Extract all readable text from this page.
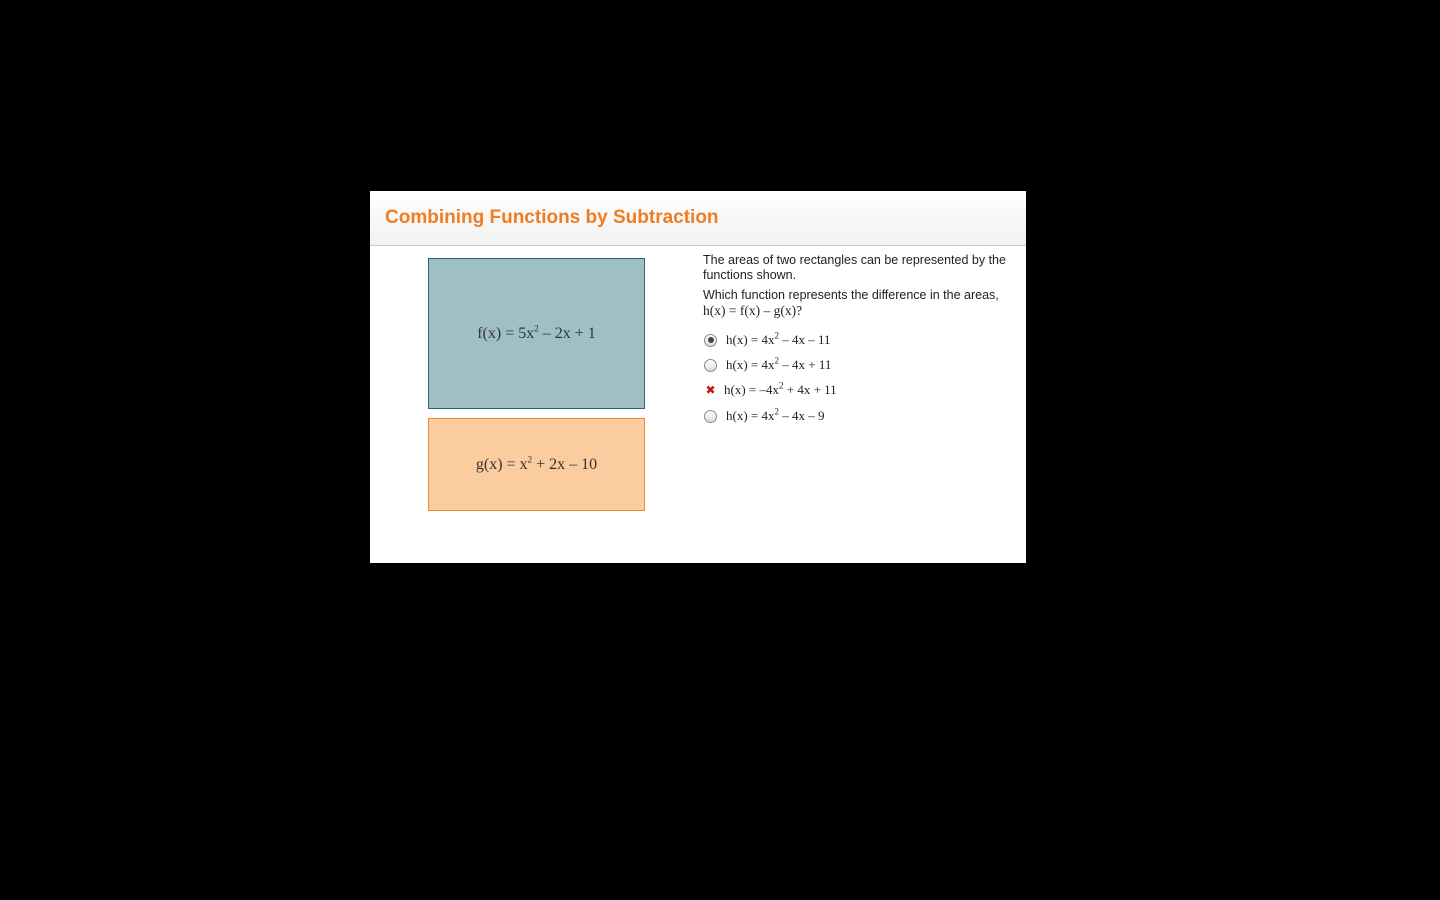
Combining Functions by Subtraction
$f(x) = 5x^2 - 2x + 1$
$g(x) = x^2 + 2x - 10$
The areas of two rectangles can be represented by the functions shown.
Which function represents the difference in the areas,
h(x) = f(x) – g(x)?
$h(x) = 4x^2 - 4x - 11$
$h(x) = 4x^2 - 4x + 11$
✖ $h(x) = -4x^2 + 4x + 11$
$h(x) = 4x^2 - 4x - 9$
